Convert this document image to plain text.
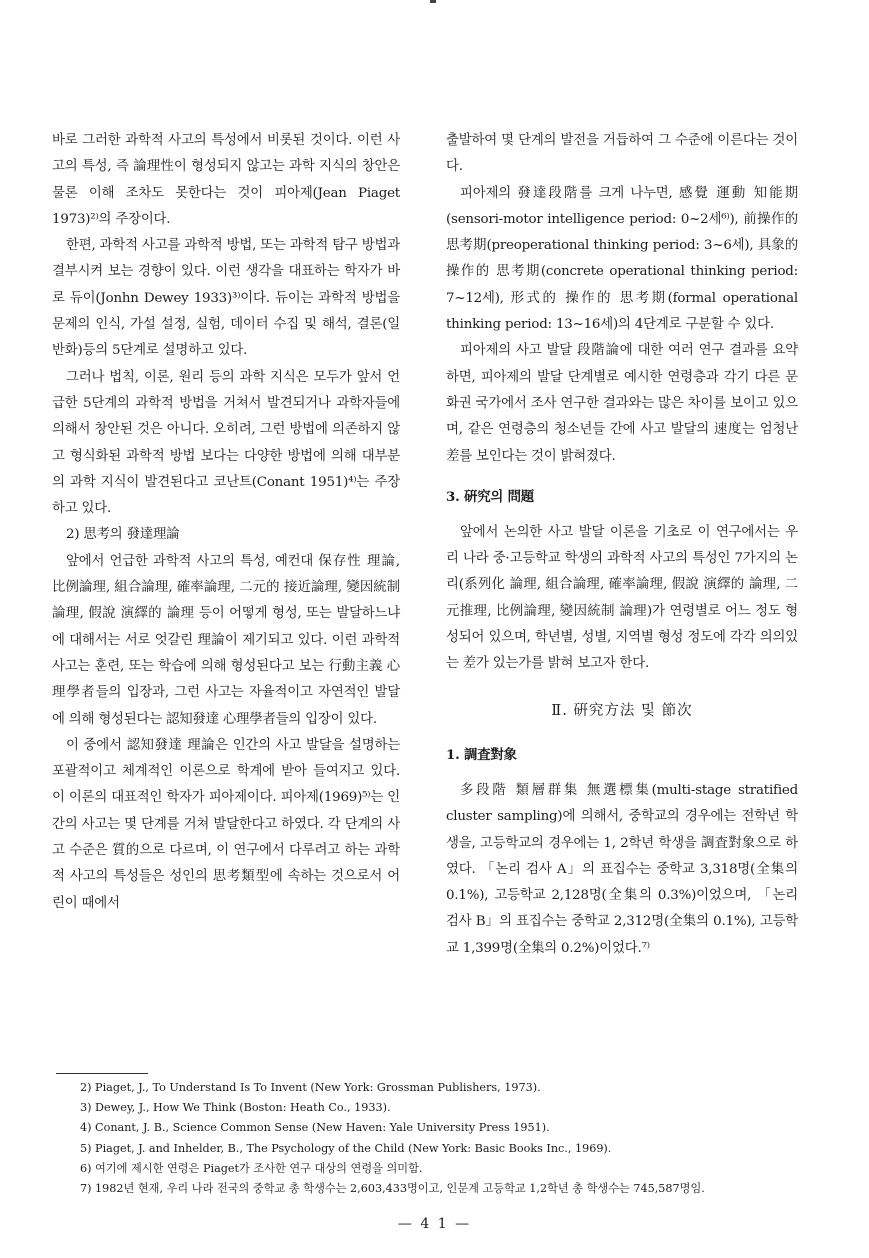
바로 그러한 과학적 사고의 특성에서 비롯된 것이다. 이런 사고의 특성, 즉 論理性이 형성되지 않고는 과학 지식의 창안은 물론 이해 조차도 못한다는 것이 피아제(Jean Piaget 1973)²⁾의 주장이다.

한편, 과학적 사고를 과학적 방법, 또는 과학적 탐구 방법과 결부시켜 보는 경향이 있다. 이런 생각을 대표하는 학자가 바로 듀이(Jonhn Dewey 1933)³⁾이다. 듀이는 과학적 방법을 문제의 인식, 가설 설정, 실험, 데이터 수집 및 해석, 결론(일반화)등의 5단계로 설명하고 있다.

그러나 법칙, 이론, 원리 등의 과학 지식은 모두가 앞서 언급한 5단계의 과학적 방법을 거쳐서 발견되거나 과학자들에 의해서 창안된 것은 아니다. 오히려, 그런 방법에 의존하지 않고 형식화된 과학적 방법 보다는 다양한 방법에 의해 대부분의 과학 지식이 발견된다고 코난트(Conant 1951)⁴⁾는 주장하고 있다.

2) 思考의 發達理論

앞에서 언급한 과학적 사고의 특성, 예컨대 保存性 理論, 比例論理, 組合論理, 確率論理, 二元的 接近論理, 變因統制 論理, 假說 演繹的 論理 등이 어떻게 형성, 또는 발달하느냐에 대해서는 서로 엇갈린 理論이 제기되고 있다. 이런 과학적 사고는 훈련, 또는 학습에 의해 형성된다고 보는 行動主義 心理學者들의 입장과, 그런 사고는 자율적이고 자연적인 발달에 의해 형성된다는 認知發達 心理學者들의 입장이 있다.

이 중에서 認知發達 理論은 인간의 사고 발달을 설명하는 포괄적이고 체계적인 이론으로 학계에 받아 들여지고 있다. 이 이론의 대표적인 학자가 피아제이다. 피아제(1969)⁵⁾는 인간의 사고는 몇 단계를 거쳐 발달한다고 하였다. 각 단계의 사고 수준은 質的으로 다르며, 이 연구에서 다루려고 하는 과학적 사고의 특성들은 성인의 思考類型에 속하는 것으로서 어린이 때에서

출발하여 몇 단계의 발전을 거듭하여 그 수준에 이른다는 것이다.

피아제의 發達段階를 크게 나누면, 感覺 運動 知能期(sensori-motor intelligence period: 0~2세⁶⁾), 前操作的 思考期(preoperational thinking period: 3~6세), 具象的 操作的 思考期(concrete operational thinking period: 7~12세), 形式的 操作的 思考期(formal operational thinking period: 13~16세)의 4단계로 구분할 수 있다.

피아제의 사고 발달 段階論에 대한 여러 연구 결과를 요약하면, 피아제의 발달 단계별로 예시한 연령층과 각기 다른 문화권 국가에서 조사 연구한 결과와는 많은 차이를 보이고 있으며, 같은 연령층의 청소년들 간에 사고 발달의 速度는 엄청난 差를 보인다는 것이 밝혀졌다.

3. 硏究의 問題

앞에서 논의한 사고 발달 이론을 기초로 이 연구에서는 우리 나라 중·고등학교 학생의 과학적 사고의 특성인 7가지의 논리(系列化 論理, 組合論理, 確率論理, 假說 演繹的 論理, 二元推理, 比例論理, 變因統制 論理)가 연령별로 어느 정도 형성되어 있으며, 학년별, 성별, 지역별 형성 정도에 각각 의의있는 差가 있는가를 밝혀 보고자 한다.

Ⅱ. 硏究方法 및 節次
1. 調査對象

多段階 類層群集 無選標集(multi-stage stratified cluster sampling)에 의해서, 중학교의 경우에는 전학년 학생을, 고등학교의 경우에는 1, 2학년 학생을 調査對象으로 하였다. 「논리 검사 A」의 표집수는 중학교 3,318명(全集의 0.1%), 고등학교 2,128명(全集의 0.3%)이었으며, 「논리 검사 B」의 표집수는 중학교 2,312명(全集의 0.1%), 고등학교 1,399명(全集의 0.2%)이었다.⁷⁾

2) Piaget, J., To Understand Is To Invent (New York: Grossman Publishers, 1973).
3) Dewey, J., How We Think (Boston: Heath Co., 1933).
4) Conant, J. B., Science Common Sense (New Haven: Yale University Press 1951).
5) Piaget, J. and Inhelder, B., The Psychology of the Child (New York: Basic Books Inc., 1969).
6) 여기에 제시한 연령은 Piaget가 조사한 연구 대상의 연령을 의미함.
7) 1982년 현재, 우리 나라 전국의 중학교 총 학생수는 2,603,433명이고, 인문계 고등학교 1,2학년 총 학생수는 745,587명임.
— 4 1 —
